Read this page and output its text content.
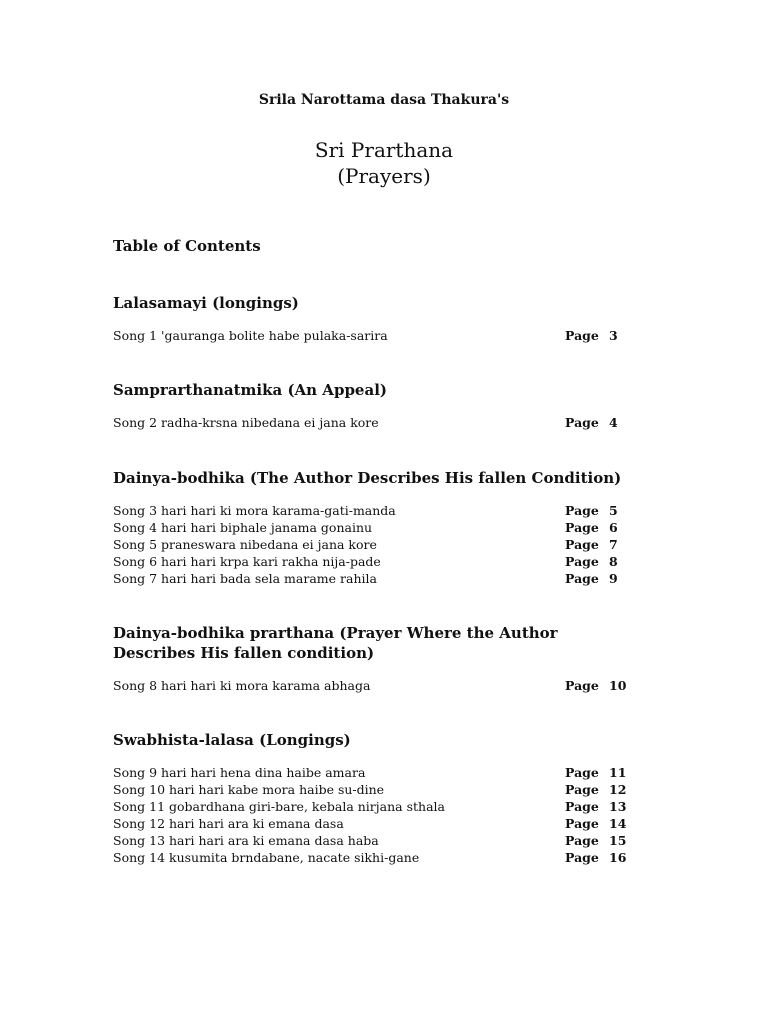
Srila Narottama dasa Thakura's
Sri Prarthana
(Prayers)
Table of Contents

Lalasamayi (longings)

Song 1 'gauranga bolite habe pulaka-sarira	Page 3

Samprarthanatmika (An Appeal)

Song 2 radha-krsna nibedana ei jana kore	Page 4

Dainya-bodhika (The Author Describes His fallen Condition)

Song 3 hari hari ki mora karama-gati-manda	Page 5
Song 4 hari hari biphale janama gonainu	Page 6
Song 5 praneswara nibedana ei jana kore	Page 7
Song 6 hari hari krpa kari rakha nija-pade	Page 8
Song 7 hari hari bada sela marame rahila	Page 9

Dainya-bodhika prarthana (Prayer Where the Author Describes His fallen condition)

Song 8 hari hari ki mora karama abhaga	Page 10

Swabhista-lalasa (Longings)

Song 9 hari hari hena dina haibe amara	Page 11
Song 10 hari hari kabe mora haibe su-dine	Page 12
Song 11 gobardhana giri-bare, kebala nirjana sthala	Page 13
Song 12 hari hari ara ki emana dasa	Page 14
Song 13 hari hari ara ki emana dasa haba	Page 15
Song 14 kusumita brndabane, nacate sikhi-gane	Page 16
